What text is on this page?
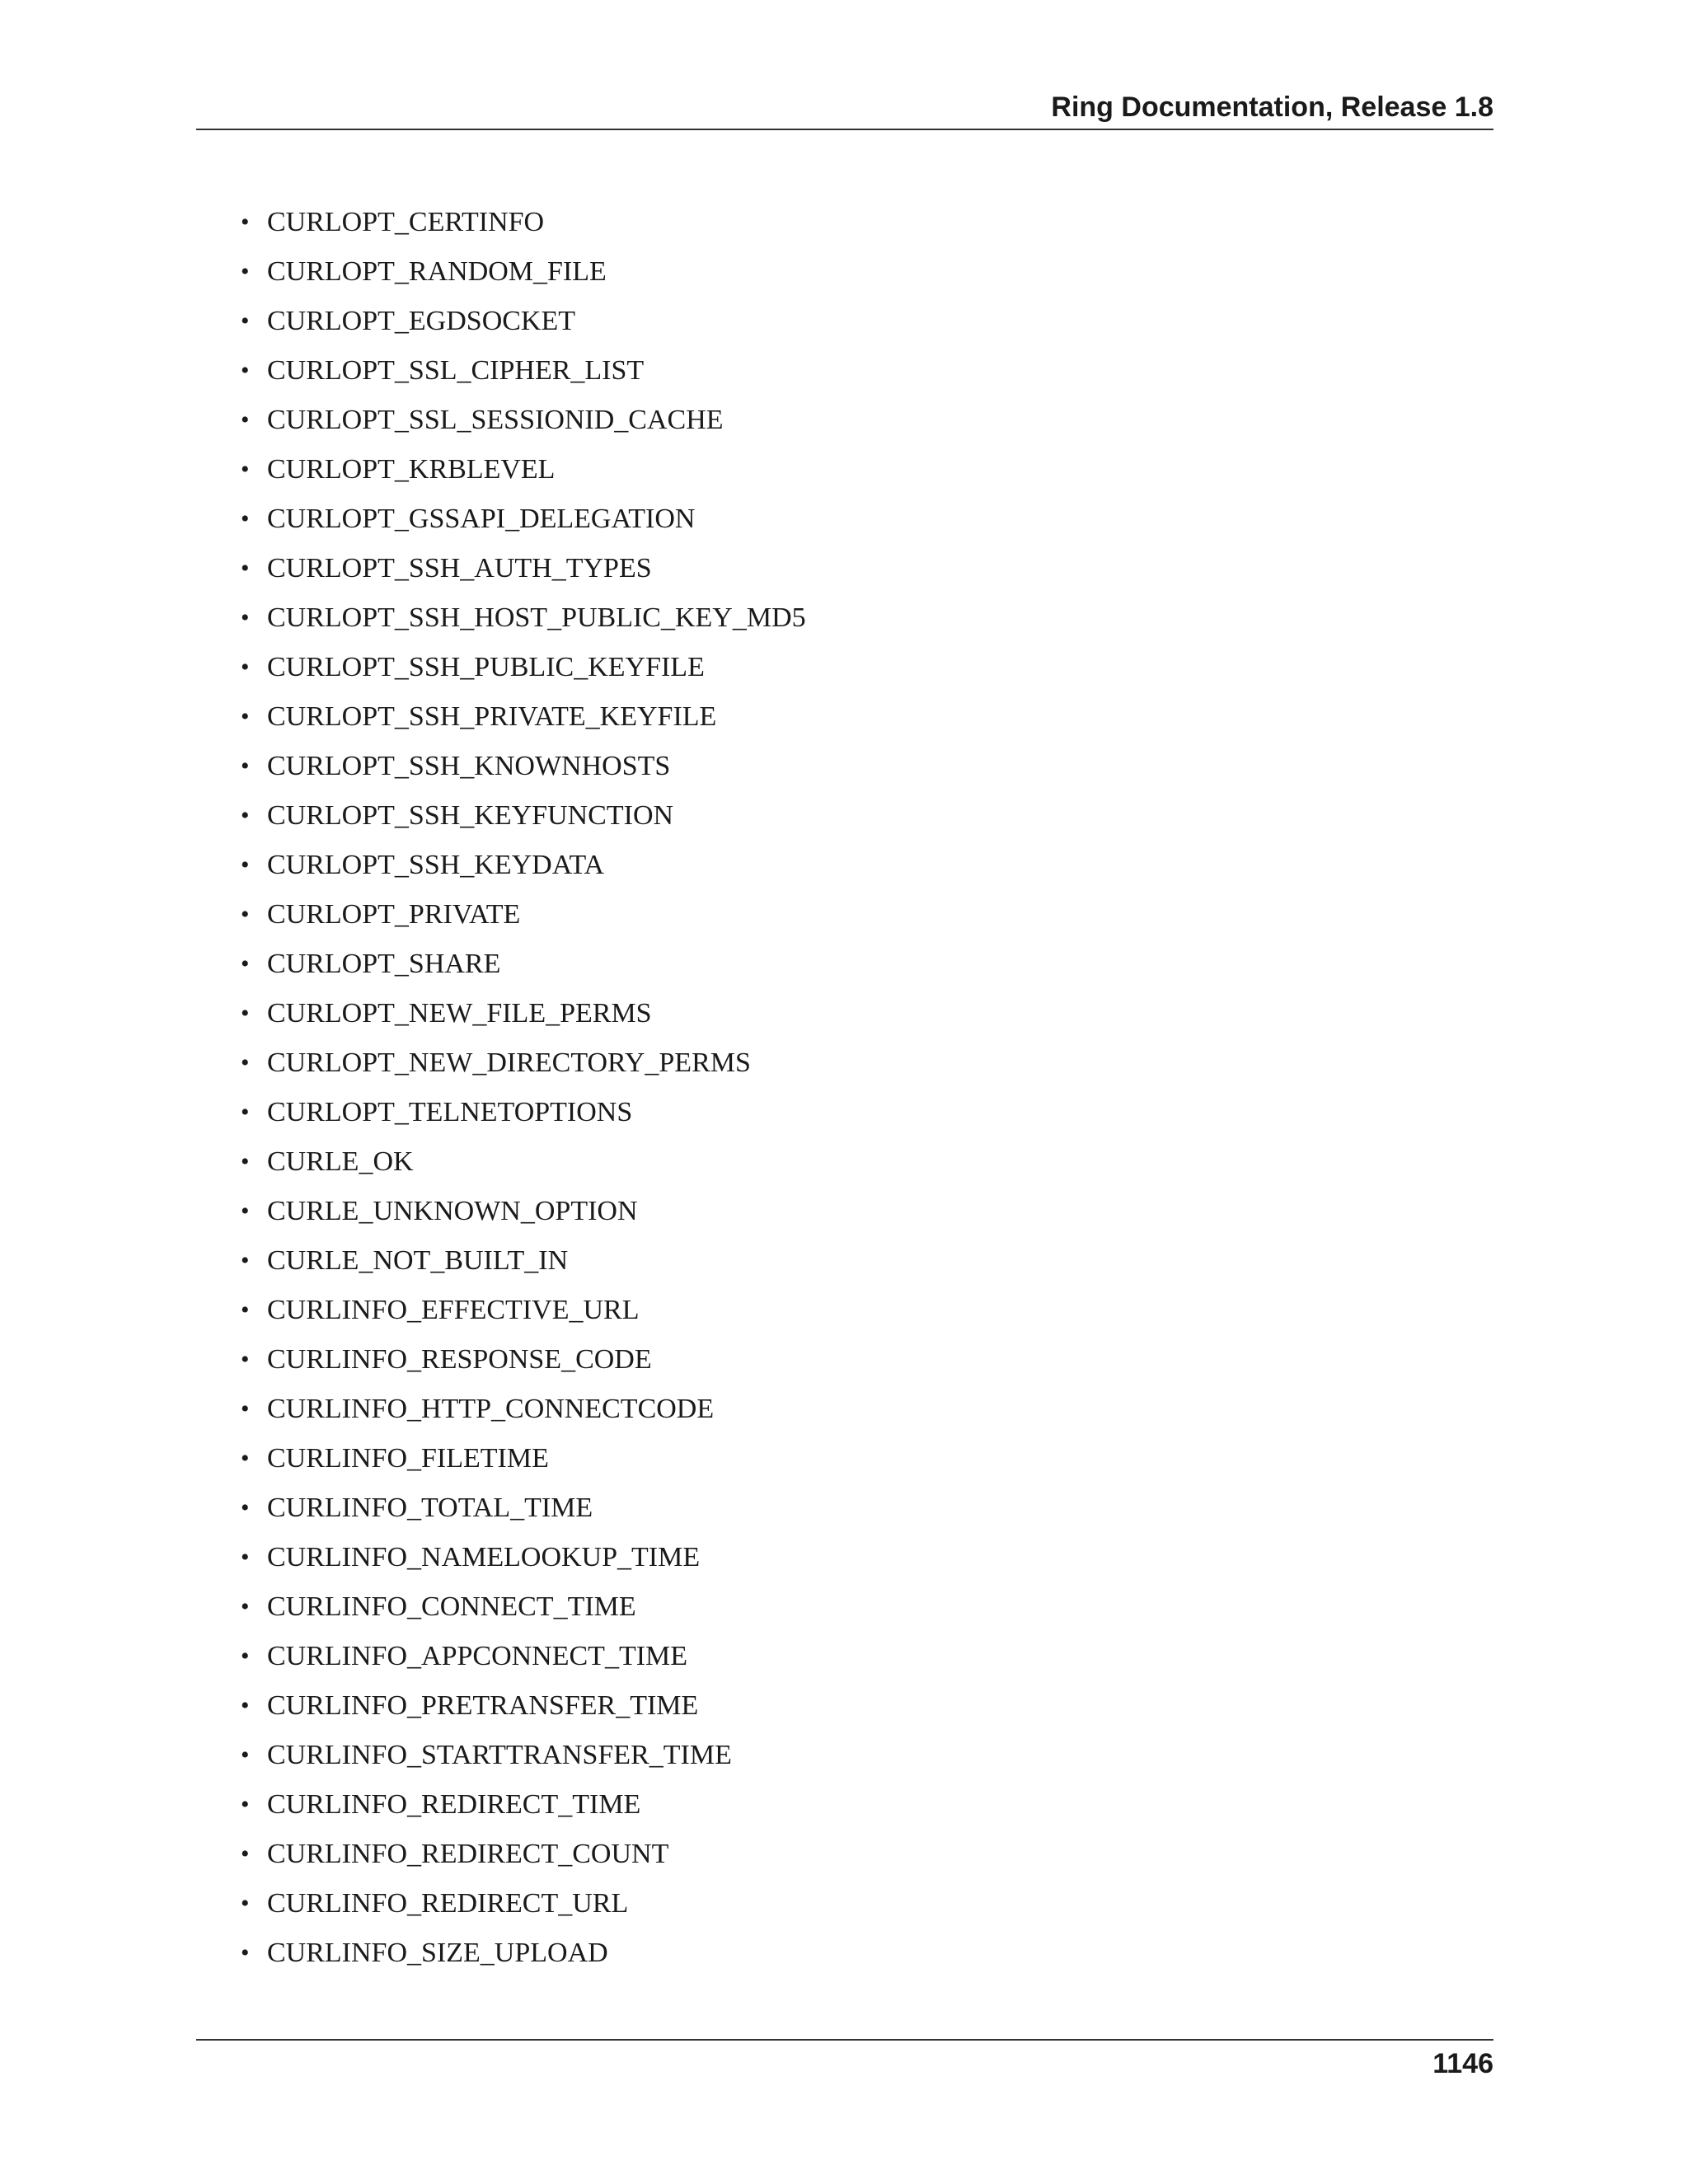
Ring Documentation, Release 1.8
• CURLOPT_CERTINFO
• CURLOPT_RANDOM_FILE
• CURLOPT_EGDSOCKET
• CURLOPT_SSL_CIPHER_LIST
• CURLOPT_SSL_SESSIONID_CACHE
• CURLOPT_KRBLEVEL
• CURLOPT_GSSAPI_DELEGATION
• CURLOPT_SSH_AUTH_TYPES
• CURLOPT_SSH_HOST_PUBLIC_KEY_MD5
• CURLOPT_SSH_PUBLIC_KEYFILE
• CURLOPT_SSH_PRIVATE_KEYFILE
• CURLOPT_SSH_KNOWNHOSTS
• CURLOPT_SSH_KEYFUNCTION
• CURLOPT_SSH_KEYDATA
• CURLOPT_PRIVATE
• CURLOPT_SHARE
• CURLOPT_NEW_FILE_PERMS
• CURLOPT_NEW_DIRECTORY_PERMS
• CURLOPT_TELNETOPTIONS
• CURLE_OK
• CURLE_UNKNOWN_OPTION
• CURLE_NOT_BUILT_IN
• CURLINFO_EFFECTIVE_URL
• CURLINFO_RESPONSE_CODE
• CURLINFO_HTTP_CONNECTCODE
• CURLINFO_FILETIME
• CURLINFO_TOTAL_TIME
• CURLINFO_NAMELOOKUP_TIME
• CURLINFO_CONNECT_TIME
• CURLINFO_APPCONNECT_TIME
• CURLINFO_PRETRANSFER_TIME
• CURLINFO_STARTTRANSFER_TIME
• CURLINFO_REDIRECT_TIME
• CURLINFO_REDIRECT_COUNT
• CURLINFO_REDIRECT_URL
• CURLINFO_SIZE_UPLOAD
1146
